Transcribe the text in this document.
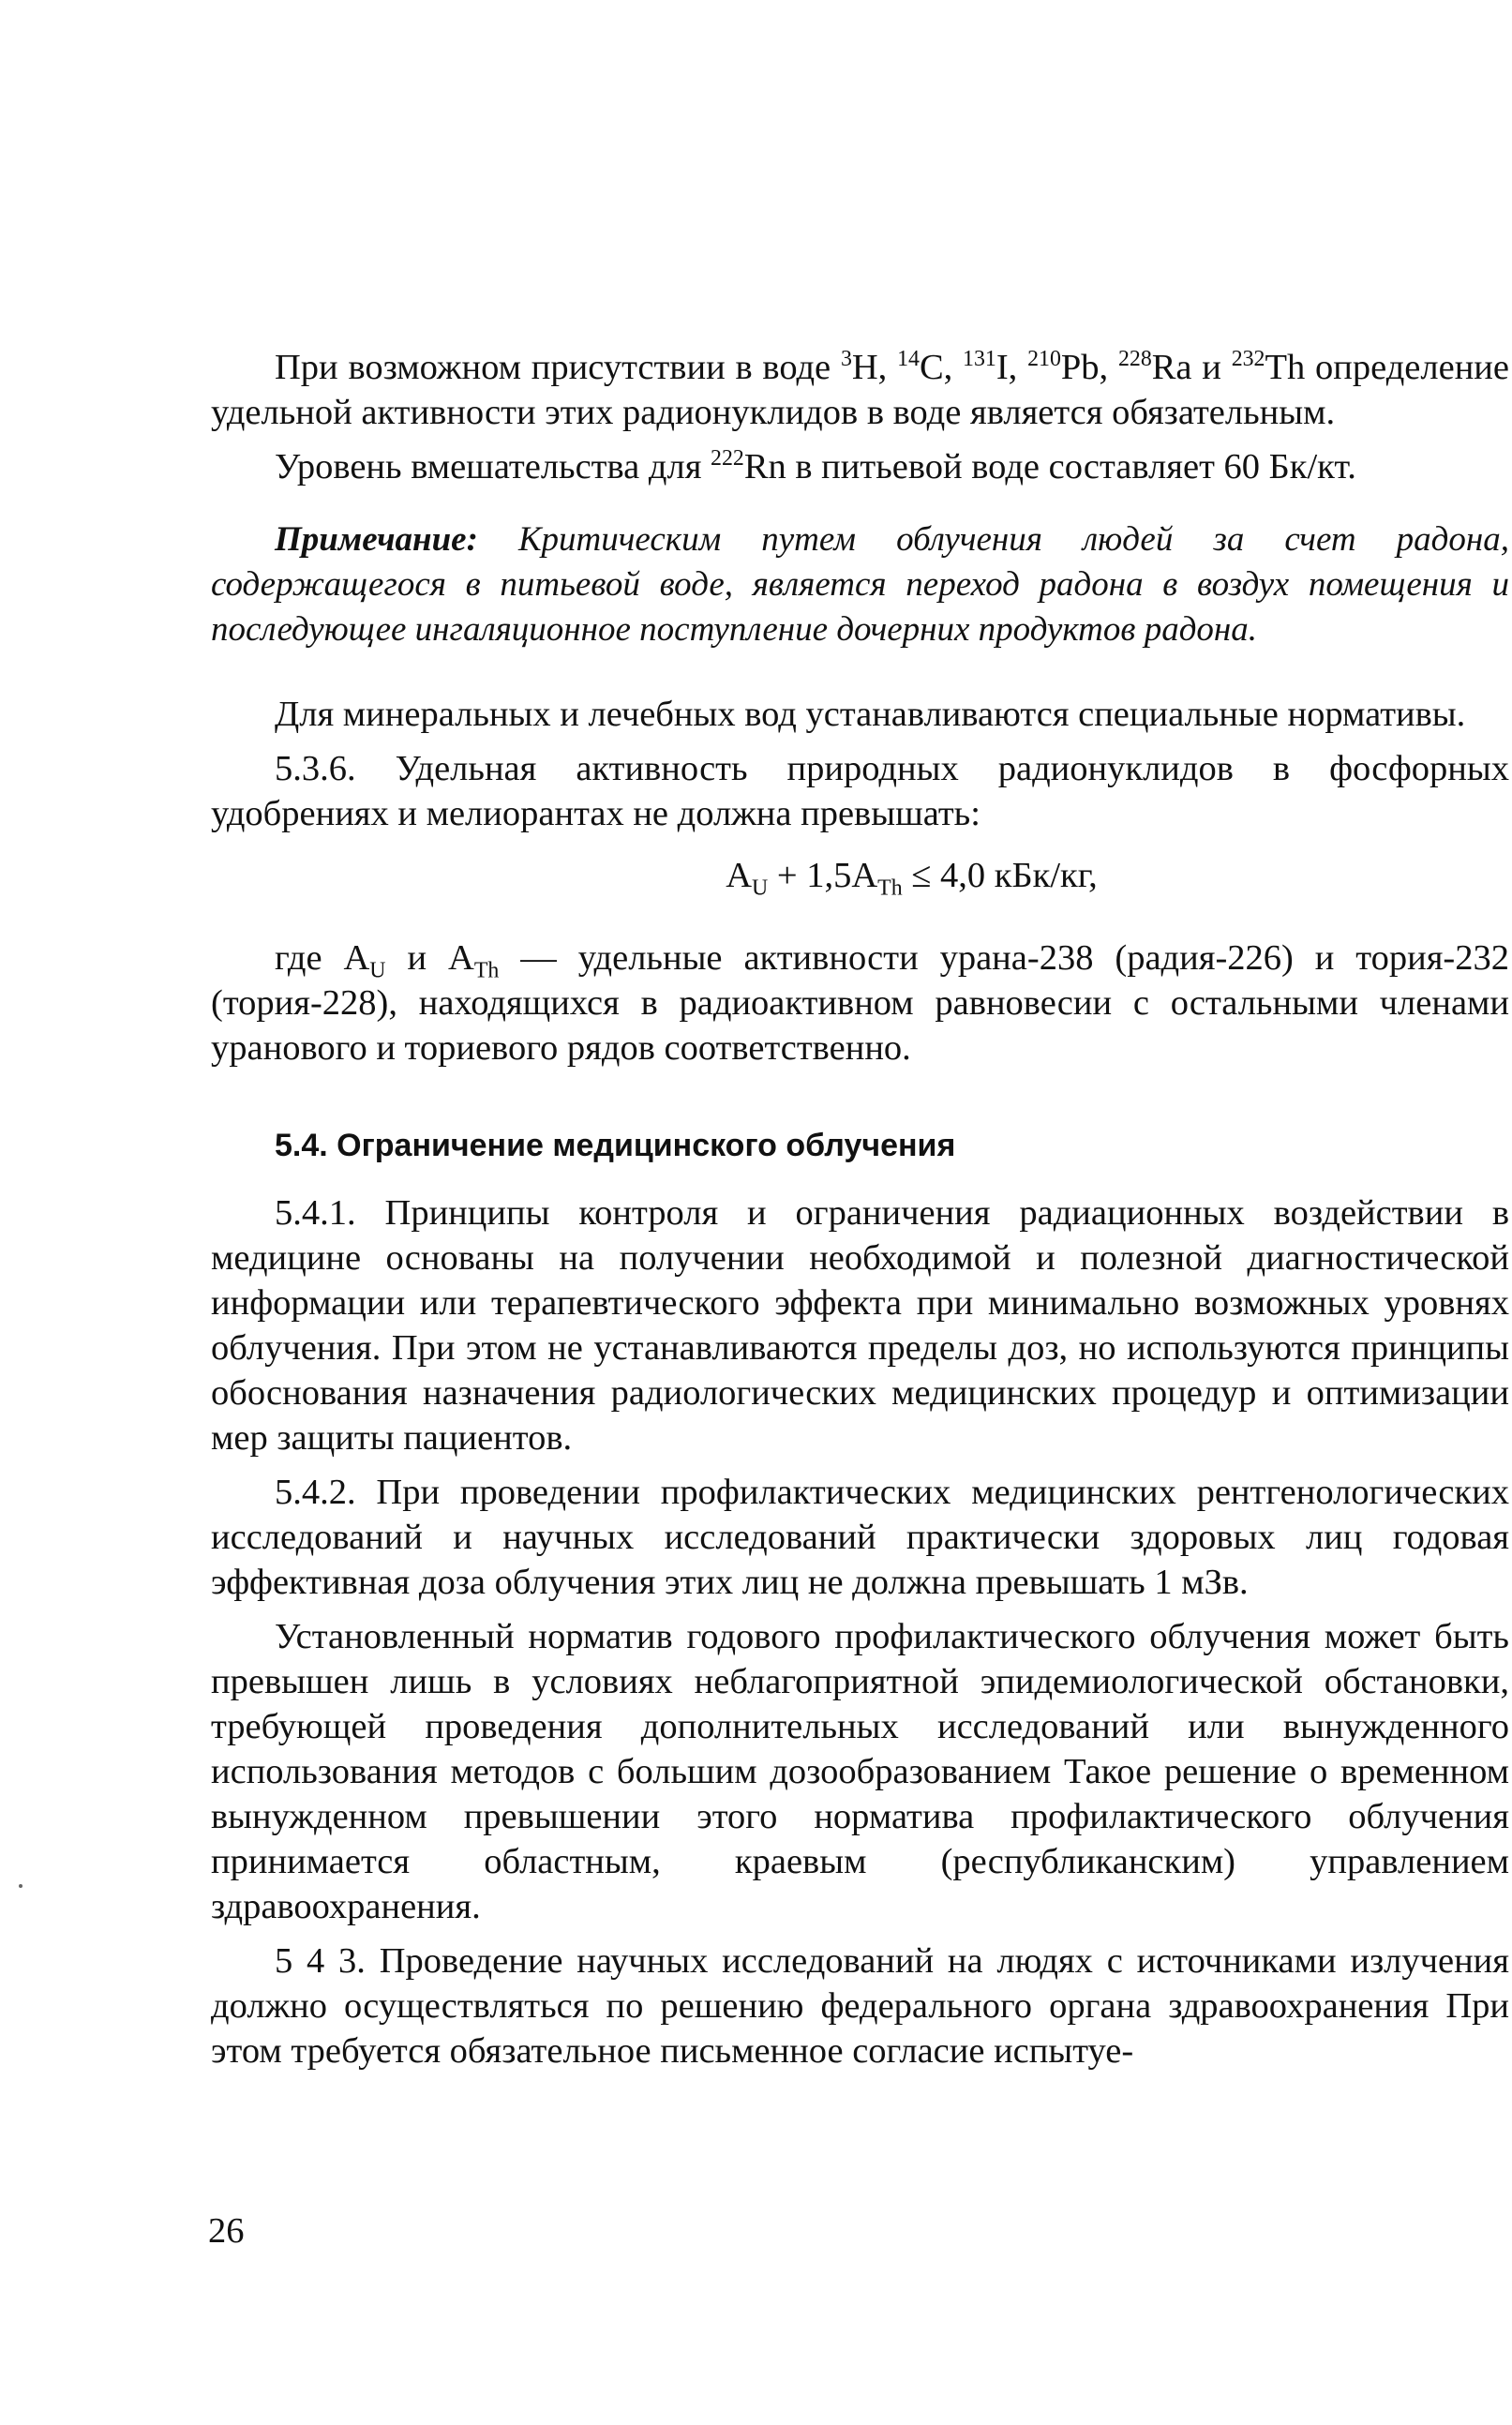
При возможном присутствии в воде $^3$H, $^{14}$C, $^{131}$I, $^{210}$Pb, $^{228}$Ra и $^{232}$Th определение удельной активности этих радионуклидов в воде является обязательным.

Уровень вмешательства для $^{222}$Rn в питьевой воде составляет 60 Бк/кт.

Примечание: Критическим путем облучения людей за счет радона, содержащегося в питьевой воде, является переход радона в воздух помещения и последующее ингаляционное поступление дочерних продуктов радона.

Для минеральных и лечебных вод устанавливаются специальные нормативы.

5.3.6. Удельная активность природных радионуклидов в фосфорных удобрениях и мелиорантах не должна превышать:

$A_U + 1,5A_{Th} \le 4,0$ кБк/кг,

где $A_U$ и $A_{Th}$ — удельные активности урана-238 (радия-226) и тория-232 (тория-228), находящихся в радиоактивном равновесии с остальными членами уранового и ториевого рядов соответственно.

5.4. Ограничение медицинского облучения

5.4.1. Принципы контроля и ограничения радиационных воздействии в медицине основаны на получении необходимой и полезной диагностической информации или терапевтического эффекта при минимально возможных уровнях облучения. При этом не устанавливаются пределы доз, но используются принципы обоснования назначения радиологических медицинских процедур и оптимизации мер защиты пациентов.

5.4.2. При проведении профилактических медицинских рентгенологических исследований и научных исследований практически здоровых лиц годовая эффективная доза облучения этих лиц не должна превышать 1 мЗв.

Установленный норматив годового профилактического облучения может быть превышен лишь в условиях неблагоприятной эпидемиологической обстановки, требующей проведения дополнительных исследований или вынужденного использования методов с большим дозообразованием Такое решение о временном вынужденном превышении этого норматива профилактического облучения принимается областным, краевым (республиканским) управлением здравоохранения.

5 4 3. Проведение научных исследований на людях с источниками излучения должно осуществляться по решению федерального органа здравоохранения При этом требуется обязательное письменное согласие испытуе-

26
